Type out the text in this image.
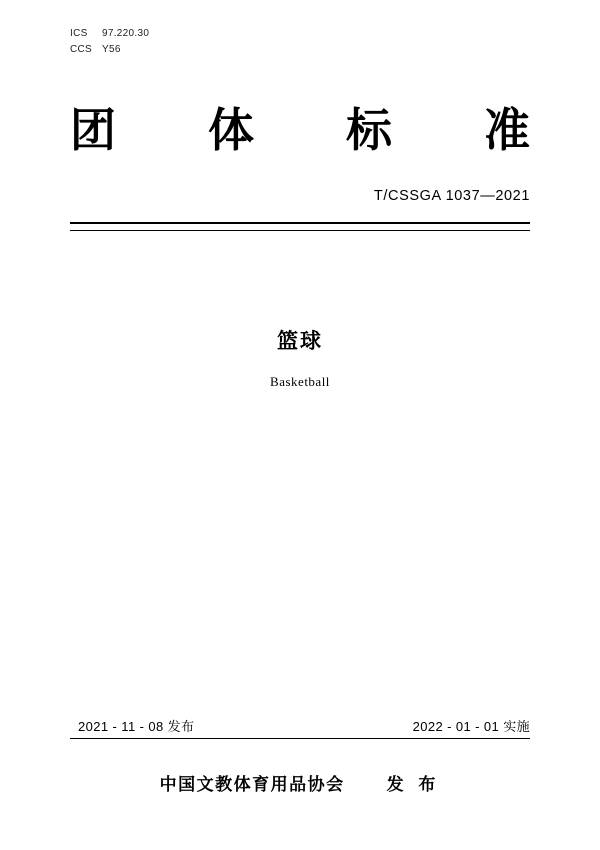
ICS 97.220.30
CCS Y56
团 体 标 准
T/CSSGA 1037—2021
篮球
Basketball
2021 - 11 - 08 发布	2022 - 01 - 01 实施
中国文教体育用品协会 发 布
